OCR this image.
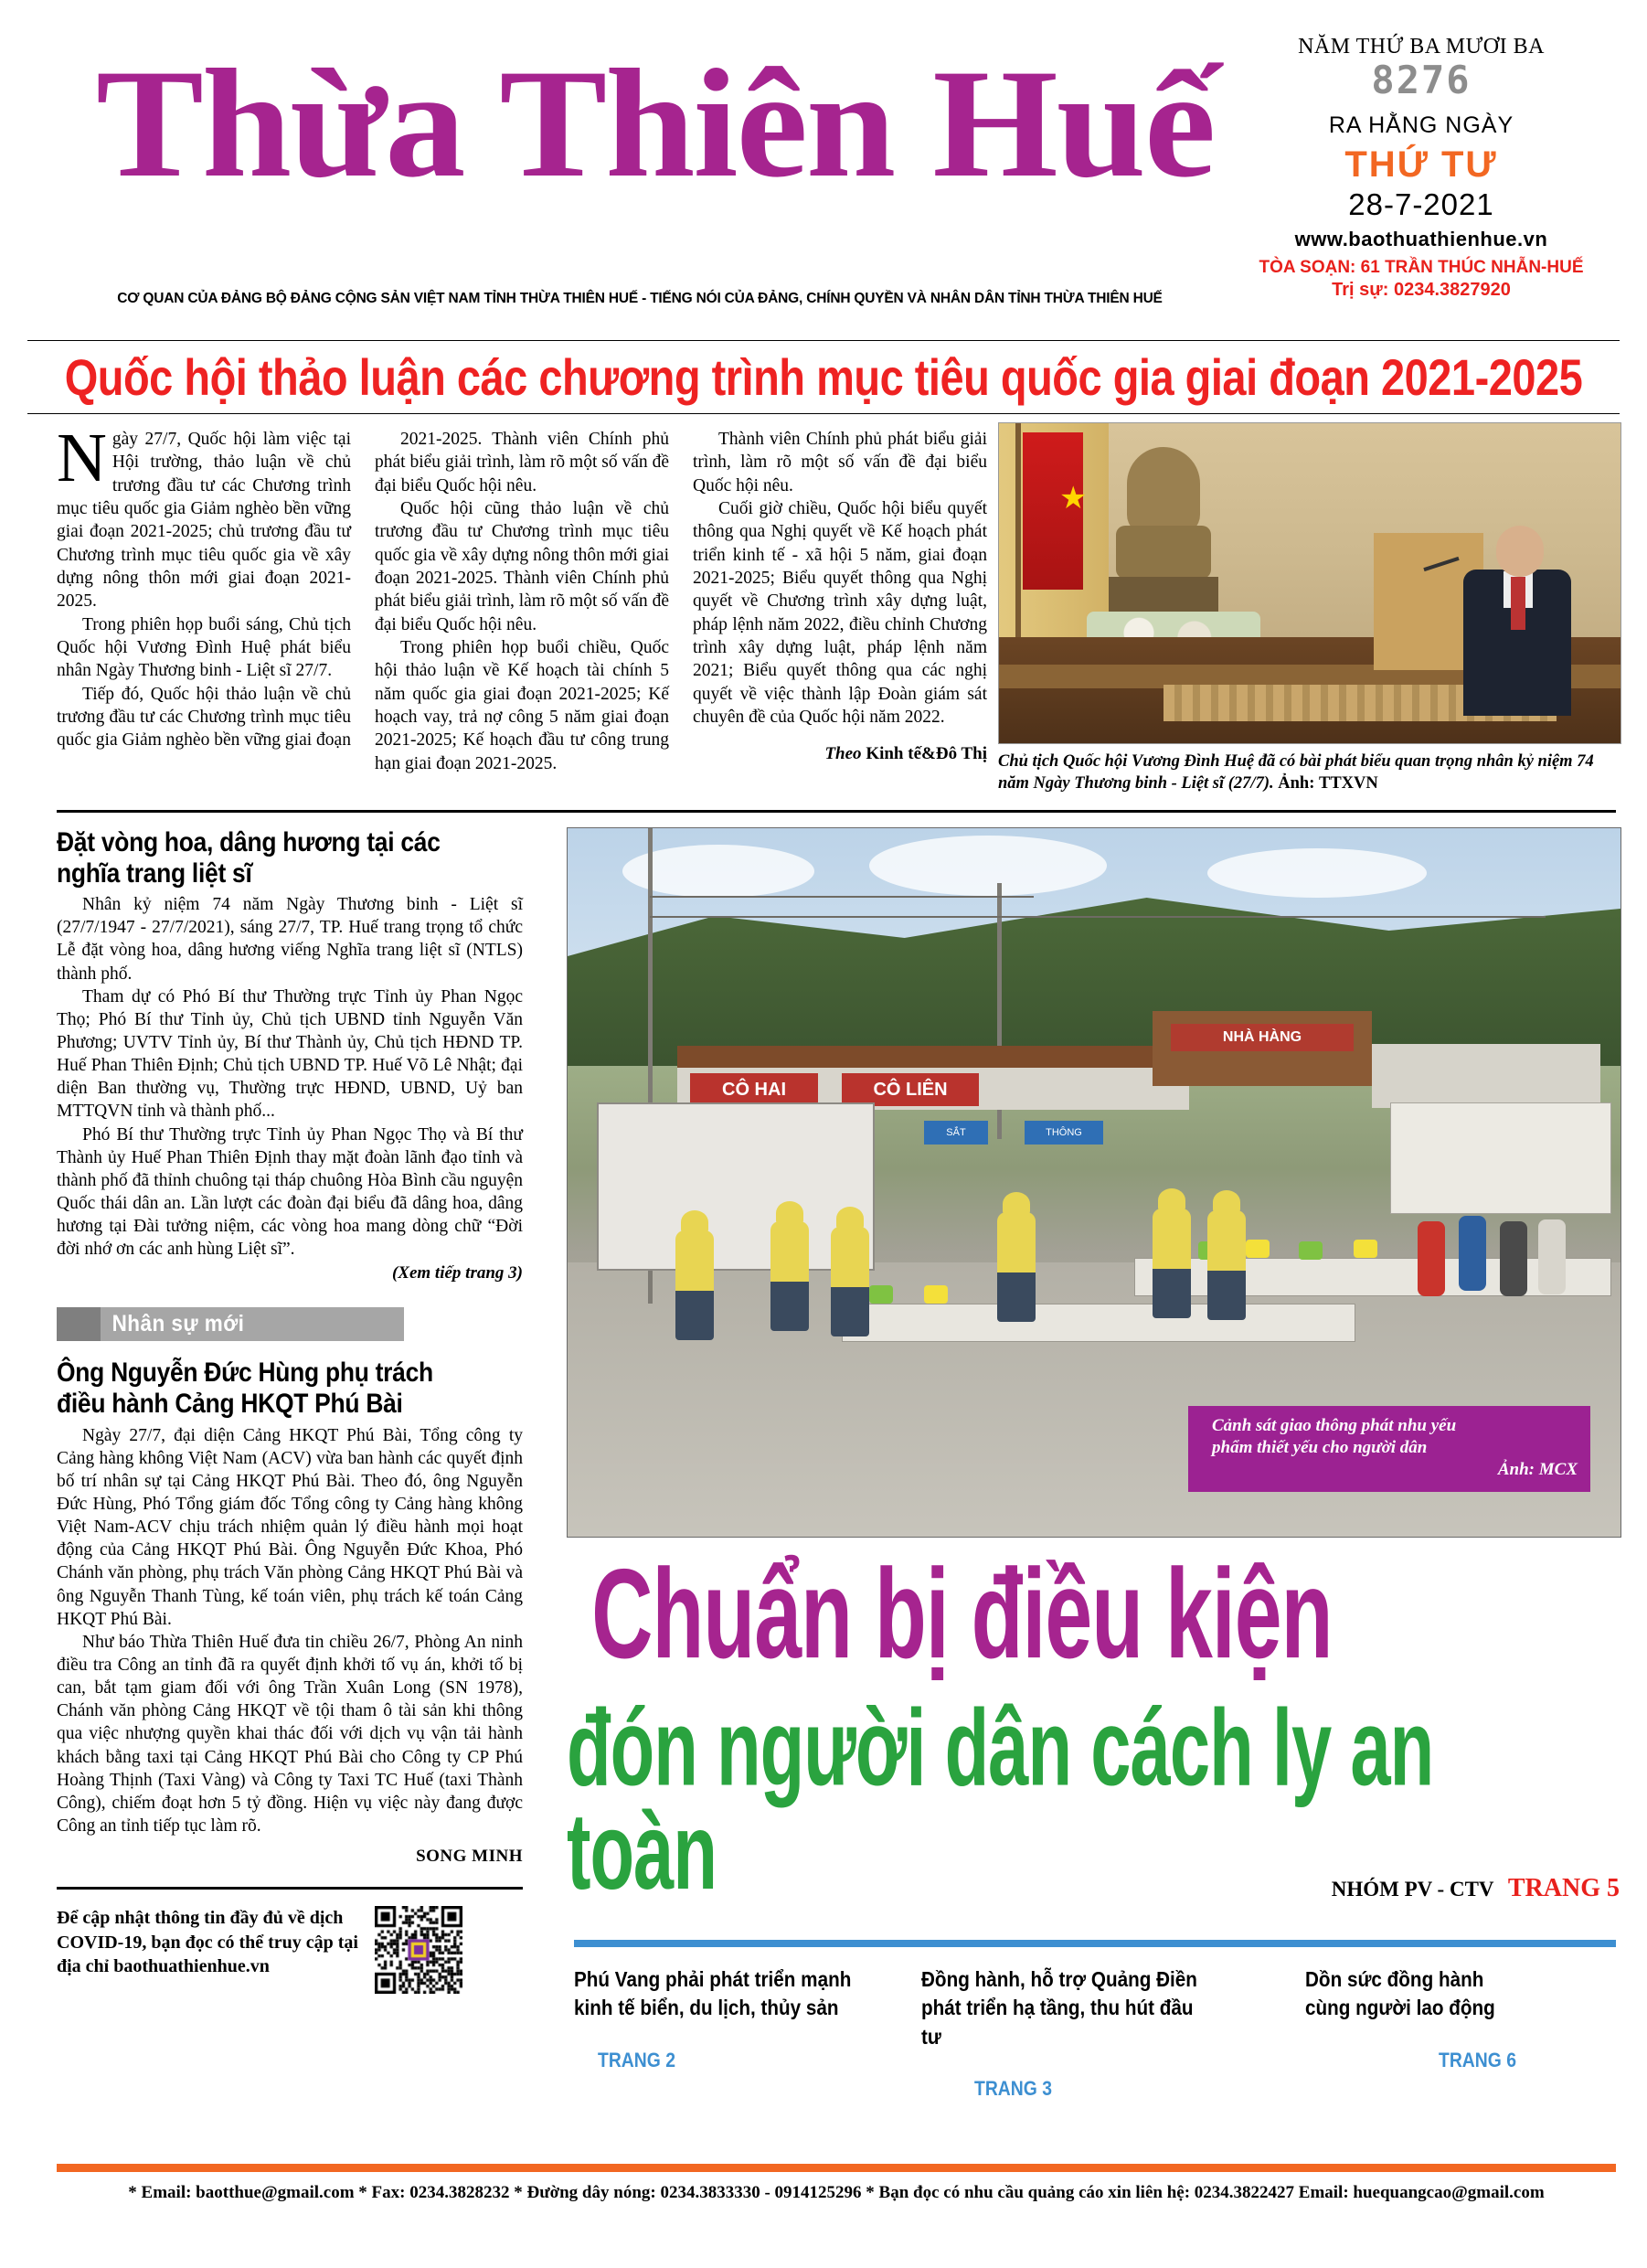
Thừa Thiên Huế	NĂM THỨ BA MƯƠI BA
8276
RA HẰNG NGÀY
THỨ TƯ
28-7-2021
www.baothuathienhue.vn
TÒA SOẠN: 61 TRẦN THÚC NHẪN-HUẾ
Trị sự: 0234.3827920
CƠ QUAN CỦA ĐẢNG BỘ ĐẢNG CỘNG SẢN VIỆT NAM TỈNH THỪA THIÊN HUẾ - TIẾNG NÓI CỦA ĐẢNG, CHÍNH QUYỀN VÀ NHÂN DÂN TỈNH THỪA THIÊN HUẾ
Quốc hội thảo luận các chương trình mục tiêu quốc gia giai đoạn 2021-2025

Ngày 27/7, Quốc hội làm việc tại Hội trường, thảo luận về chủ trương đầu tư các Chương trình mục tiêu quốc gia Giảm nghèo bền vững giai đoạn 2021-2025; chủ trương đầu tư Chương trình mục tiêu quốc gia về xây dựng nông thôn mới giai đoạn 2021-2025.

Trong phiên họp buổi sáng, Chủ tịch Quốc hội Vương Đình Huệ phát biểu nhân Ngày Thương binh - Liệt sĩ 27/7.

Tiếp đó, Quốc hội thảo luận về chủ trương đầu tư các Chương trình mục tiêu quốc gia Giảm nghèo bền vững giai đoạn

2021-2025. Thành viên Chính phủ phát biểu giải trình, làm rõ một số vấn đề đại biểu Quốc hội nêu.

Quốc hội cũng thảo luận về chủ trương đầu tư Chương trình mục tiêu quốc gia về xây dựng nông thôn mới giai đoạn 2021-2025. Thành viên Chính phủ phát biểu giải trình, làm rõ một số vấn đề đại biểu Quốc hội nêu.

Trong phiên họp buổi chiều, Quốc hội thảo luận về Kế hoạch tài chính 5 năm quốc gia giai đoạn 2021-2025; Kế hoạch vay, trả nợ công 5 năm giai đoạn 2021-2025; Kế hoạch đầu tư công trung hạn giai đoạn 2021-2025.

Thành viên Chính phủ phát biểu giải trình, làm rõ một số vấn đề đại biểu Quốc hội nêu.

Cuối giờ chiều, Quốc hội biểu quyết thông qua Nghị quyết về Kế hoạch phát triển kinh tế - xã hội 5 năm, giai đoạn 2021-2025; Biểu quyết thông qua Nghị quyết về Chương trình xây dựng luật, pháp lệnh năm 2022, điều chỉnh Chương trình xây dựng luật, pháp lệnh năm 2021; Biểu quyết thông qua các nghị quyết về việc thành lập Đoàn giám sát chuyên đề của Quốc hội năm 2022.

Theo Kinh tế&Đô Thị
★
Chủ tịch Quốc hội Vương Đình Huệ đã có bài phát biểu quan trọng nhân kỷ niệm 74 năm Ngày Thương binh - Liệt sĩ (27/7). Ảnh: TTXVN
Đặt vòng hoa, dâng hương tại các
nghĩa trang liệt sĩ

Nhân kỷ niệm 74 năm Ngày Thương binh - Liệt sĩ (27/7/1947 - 27/7/2021), sáng 27/7, TP. Huế trang trọng tổ chức Lễ đặt vòng hoa, dâng hương viếng Nghĩa trang liệt sĩ (NTLS) thành phố.

Tham dự có Phó Bí thư Thường trực Tỉnh ủy Phan Ngọc Thọ; Phó Bí thư Tỉnh ủy, Chủ tịch UBND tỉnh Nguyễn Văn Phương; UVTV Tỉnh ủy, Bí thư Thành ủy, Chủ tịch HĐND TP. Huế Phan Thiên Định; Chủ tịch UBND TP. Huế Võ Lê Nhật; đại diện Ban thường vụ, Thường trực HĐND, UBND, Uỷ ban MTTQVN tỉnh và thành phố...

Phó Bí thư Thường trực Tỉnh ủy Phan Ngọc Thọ và Bí thư Thành ủy Huế Phan Thiên Định thay mặt đoàn lãnh đạo tỉnh và thành phố đã thỉnh chuông tại tháp chuông Hòa Bình cầu nguyện Quốc thái dân an. Lần lượt các đoàn đại biểu đã dâng hoa, dâng hương tại Đài tưởng niệm, các vòng hoa mang dòng chữ “Đời đời nhớ ơn các anh hùng Liệt sĩ”.

(Xem tiếp trang 3)
Nhân sự mới
Ông Nguyễn Đức Hùng phụ trách
điều hành Cảng HKQT Phú Bài

Ngày 27/7, đại diện Cảng HKQT Phú Bài, Tổng công ty Cảng hàng không Việt Nam (ACV) vừa ban hành các quyết định bố trí nhân sự tại Cảng HKQT Phú Bài. Theo đó, ông Nguyễn Đức Hùng, Phó Tổng giám đốc Tổng công ty Cảng hàng không Việt Nam-ACV chịu trách nhiệm quản lý điều hành mọi hoạt động của Cảng HKQT Phú Bài. Ông Nguyễn Đức Khoa, Phó Chánh văn phòng, phụ trách Văn phòng Cảng HKQT Phú Bài và ông Nguyễn Thanh Tùng, kế toán viên, phụ trách kế toán Cảng HKQT Phú Bài.

Như báo Thừa Thiên Huế đưa tin chiều 26/7, Phòng An ninh điều tra Công an tỉnh đã ra quyết định khởi tố vụ án, khởi tố bị can, bắt tạm giam đối với ông Trần Xuân Long (SN 1978), Chánh văn phòng Cảng HKQT về tội tham ô tài sản khi thông qua việc nhượng quyền khai thác đối với dịch vụ vận tải hành khách bằng taxi tại Cảng HKQT Phú Bài cho Công ty CP Phú Hoàng Thịnh (Taxi Vàng) và Công ty Taxi TC Huế (taxi Thành Công), chiếm đoạt hơn 5 tỷ đồng. Hiện vụ việc này đang được Công an tỉnh tiếp tục làm rõ.

SONG MINH
Để cập nhật thông tin đầy đủ về dịch COVID-19, bạn đọc có thể truy cập tại địa chỉ baothuathienhue.vn
CÔ HAI	CÔ LIÊN
NHÀ HÀNG
SẮT	THÔNG
Cảnh sát giao thông phát nhu yếu
phẩm thiết yếu cho người dân
Ảnh: MCX
Chuẩn bị điều kiện
đón người dân cách ly an toàn	NHÓM PV - CTV TRANG 5
Phú Vang phải phát triển mạnh
kinh tế biển, du lịch, thủy sản
TRANG 2
Đồng hành, hỗ trợ Quảng Điền
phát triển hạ tầng, thu hút đầu tư
TRANG 3
Dồn sức đồng hành
cùng người lao động
TRANG 6
* Email: baotthue@gmail.com * Fax: 0234.3828232 * Đường dây nóng: 0234.3833330 - 0914125296 * Bạn đọc có nhu cầu quảng cáo xin liên hệ: 0234.3822427 Email: huequangcao@gmail.com
